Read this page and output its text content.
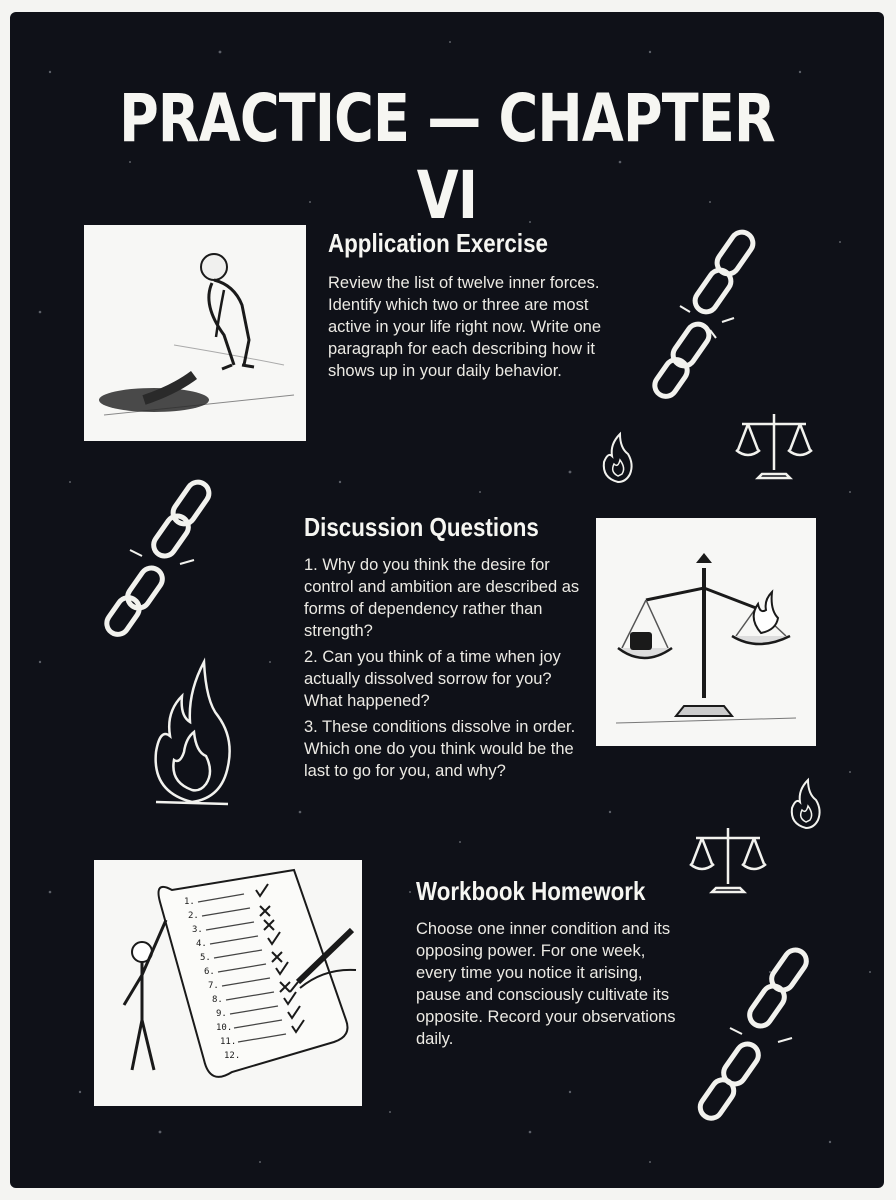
PRACTICE — CHAPTER VI
Application Exercise

Review the list of twelve inner forces. Identify which two or three are most active in your life right now. Write one paragraph for each describing how it shows up in your daily behavior.

Discussion Questions

1. Why do you think the desire for control and ambition are described as forms of dependency rather than strength?

2. Can you think of a time when joy actually dissolved sorrow for you? What happened?

3. These conditions dissolve in order. Which one do you think would be the last to go for you, and why?

1.
2.
3.
4.
5.
6.
7.
8.
9.
10.
11.
12.
Workbook Homework

Choose one inner condition and its opposing power. For one week, every time you notice it arising, pause and consciously cultivate its opposite. Record your observations daily.
